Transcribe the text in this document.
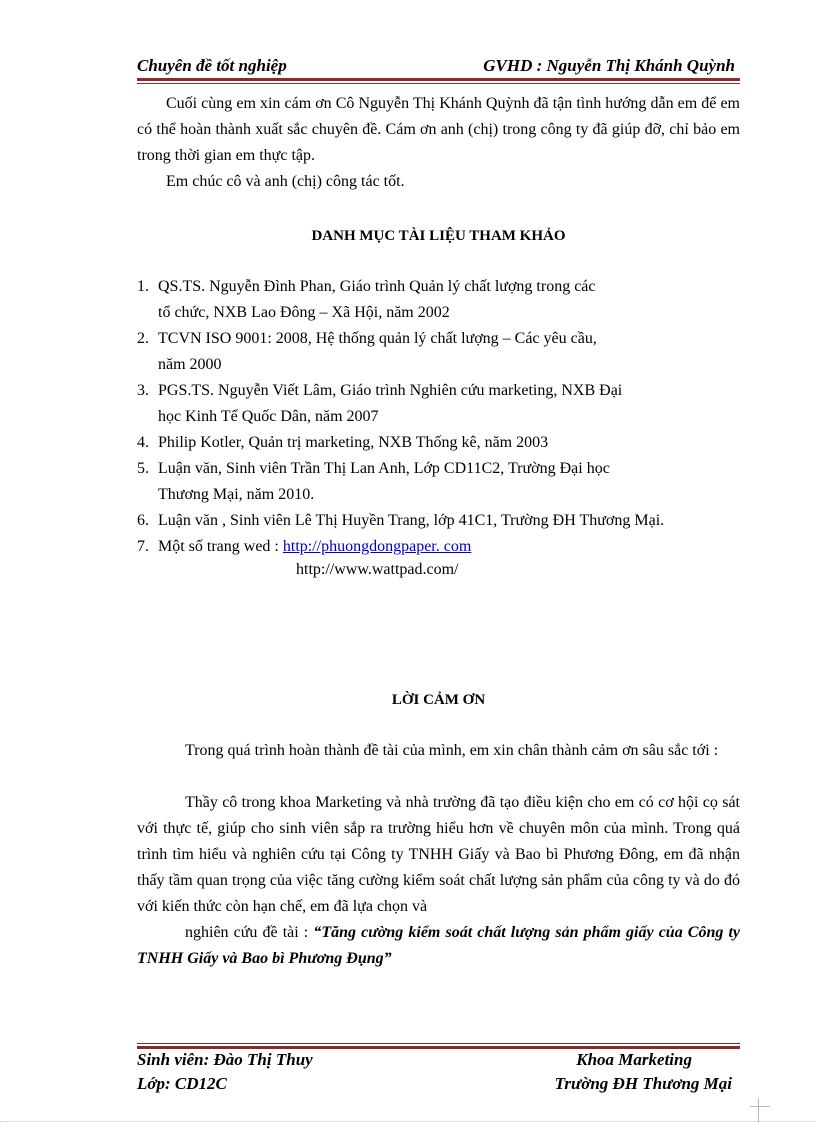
Chuyên đề tốt nghiệp	GVHD : Nguyễn Thị Khánh Quỳnh
Cuối cùng em xin cám ơn Cô Nguyễn Thị Khánh Quỳnh đã tận tình hướng dẫn em để em có thể hoàn thành xuất sắc chuyên đề. Cám ơn anh (chị) trong công ty đã giúp đỡ, chỉ bảo em trong thời gian em thực tập.
Em chúc cô và anh (chị) công tác tốt.
DANH MỤC TÀI LIỆU THAM KHẢO
1. QS.TS. Nguyễn Đình Phan, Giáo trình Quản lý chất lượng trong các
tổ chức, NXB Lao Đông – Xã Hội, năm 2002
2. TCVN ISO 9001: 2008, Hệ thống quản lý chất lượng – Các yêu cầu,
năm 2000
3. PGS.TS. Nguyễn Viết Lâm, Giáo trình Nghiên cứu marketing, NXB Đại
học Kinh Tế Quốc Dân, năm 2007
4. Philip Kotler, Quản trị marketing, NXB Thống kê, năm 2003
5. Luận văn, Sinh viên Trần Thị Lan Anh, Lớp CD11C2, Trường Đại học
Thương Mại, năm 2010.
6. Luận văn , Sinh viên Lê Thị Huyền Trang, lớp 41C1, Trường ĐH Thương Mại.
7. Một số trang wed : http://phuongdongpaper. com
http://www.wattpad.com/
LỜI CẢM ƠN
Trong quá trình hoàn thành đề tài của mình, em xin chân thành cảm ơn sâu sắc tới :
Thầy cô trong khoa Marketing và nhà trường đã tạo điều kiện cho em có cơ hội cọ sát với thực tế, giúp cho sinh viên sắp ra trường hiểu hơn về chuyên môn của mình. Trong quá trình tìm hiểu và nghiên cứu tại Công ty TNHH Giấy và Bao bì Phương Đông, em đã nhận thấy tầm quan trọng của việc tăng cường kiểm soát chất lượng sản phẩm của công ty và do đó với kiến thức còn hạn chế, em đã lựa chọn và
nghiên cứu đề tài : “Tăng cường kiểm soát chất lượng sản phẩm giấy của Công ty TNHH Giấy và Bao bì Phương Đụng”
Sinh viên: Đào Thị Thuy	Khoa Marketing
Lớp: CD12C	Trường ĐH Thương Mại
